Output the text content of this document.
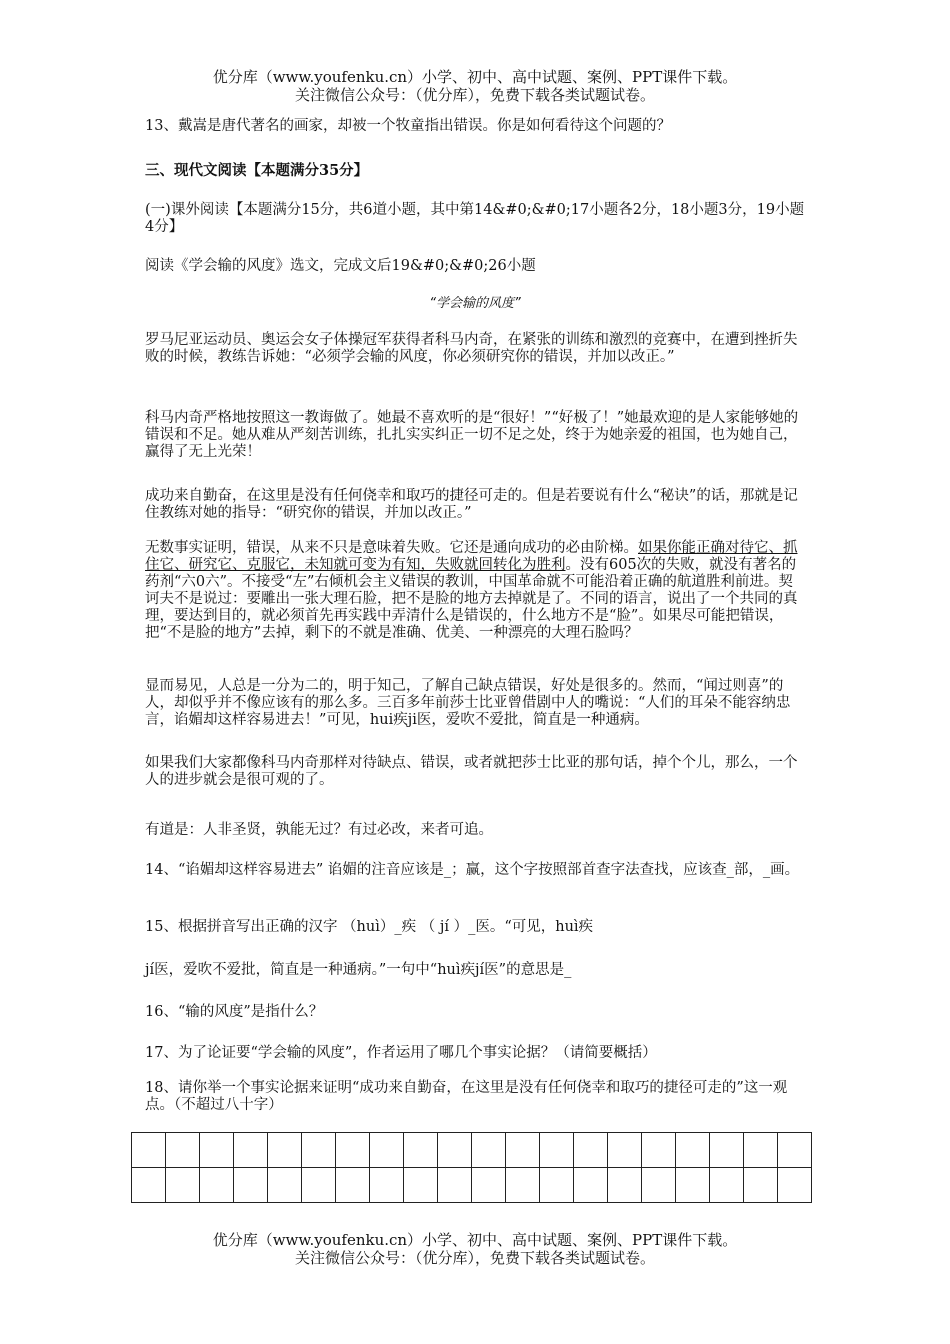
优分库（www.youfenku.cn）小学、初中、高中试题、案例、PPT课件下载。
关注微信公众号：（优分库），免费下载各类试题试卷。

13、戴嵩是唐代著名的画家，却被一个牧童指出错误。你是如何看待这个问题的？

三、现代文阅读【本题满分35分】

(一)课外阅读【本题满分15分，共6道小题，其中第14&#0;&#0;17小题各2分，18小题3分，19小题4分】

阅读《学会输的风度》选文，完成文后19&#0;&#0;26小题

“学会输的风度”

罗马尼亚运动员、奥运会女子体操冠军获得者科马内奇，在紧张的训练和激烈的竞赛中，在遭到挫折失败的时候，教练告诉她：“必须学会输的风度，你必须研究你的错误，并加以改正。”

科马内奇严格地按照这一教诲做了。她最不喜欢听的是“很好！”“好极了！”她最欢迎的是人家能够她的错误和不足。她从难从严刻苦训练，扎扎实实纠正一切不足之处，终于为她亲爱的祖国，也为她自己，赢得了无上光荣！

成功来自勤奋，在这里是没有任何侥幸和取巧的捷径可走的。但是若要说有什么“秘诀”的话，那就是记住教练对她的指导：“研究你的错误，并加以改正。”

无数事实证明，错误，从来不只是意味着失败。它还是通向成功的必由阶梯。如果你能正确对待它、抓住它、研究它、克服它，未知就可变为有知，失败就回转化为胜利。没有605次的失败，就没有著名的药剂“六0六”。不接受“左”右倾机会主义错误的教训，中国革命就不可能沿着正确的航道胜利前进。契诃夫不是说过：要雕出一张大理石脸，把不是脸的地方去掉就是了。不同的语言，说出了一个共同的真理，要达到目的，就必须首先再实践中弄清什么是错误的，什么地方不是“脸”。如果尽可能把错误，把“不是脸的地方”去掉，剩下的不就是准确、优美、一种漂亮的大理石脸吗？

显而易见，人总是一分为二的，明于知己，了解自己缺点错误，好处是很多的。然而，“闻过则喜”的人，却似乎并不像应该有的那么多。三百多年前莎士比亚曾借剧中人的嘴说：“人们的耳朵不能容纳忠言，谄媚却这样容易进去！”可见，hui疾ji医，爱吹不爱批，简直是一种通病。

如果我们大家都像科马内奇那样对待缺点、错误，或者就把莎士比亚的那句话，掉个个儿，那么，一个人的进步就会是很可观的了。

有道是：人非圣贤，孰能无过？有过必改，来者可追。

14、“谄媚却这样容易进去” 谄媚的注音应该是_；赢，这个字按照部首查字法查找，应该查_部，_画。

15、根据拼音写出正确的汉字 （huì）_疾 （ jí ）_医。“可见，huì疾

jí医，爱吹不爱批，简直是一种通病。”一句中“huì疾jí医”的意思是_

16、“输的风度”是指什么？

17、为了论证要“学会输的风度”，作者运用了哪几个事实论据？（请简要概括）

18、请你举一个事实论据来证明“成功来自勤奋，在这里是没有任何侥幸和取巧的捷径可走的”这一观点。（不超过八十字）

优分库（www.youfenku.cn）小学、初中、高中试题、案例、PPT课件下载。
关注微信公众号：（优分库），免费下载各类试题试卷。
